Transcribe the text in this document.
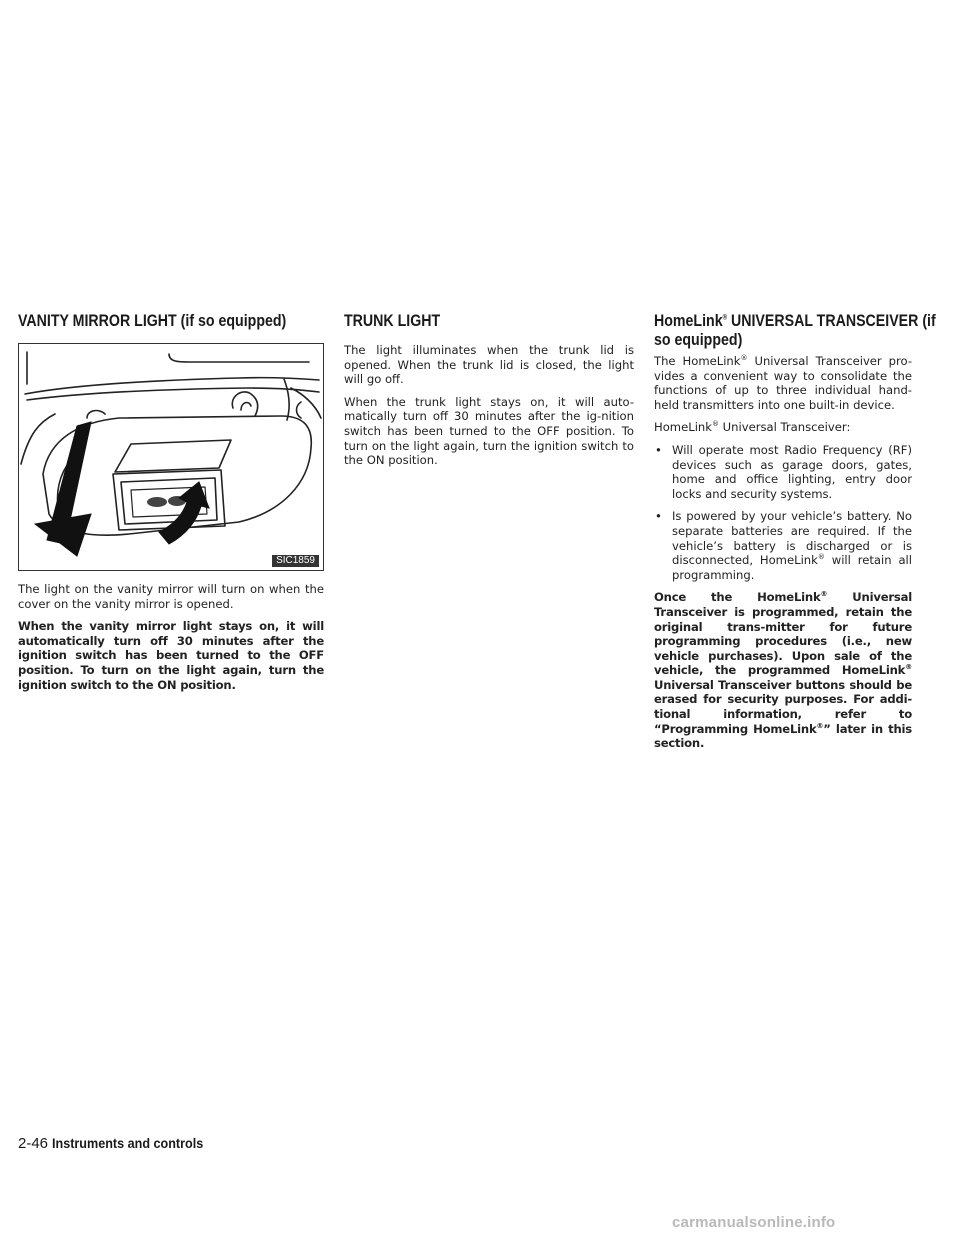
VANITY MIRROR LIGHT (if so equipped)
SIC1859

The light on the vanity mirror will turn on when the cover on the vanity mirror is opened.

When the vanity mirror light stays on, it will automatically turn off 30 minutes after the ignition switch has been turned to the OFF position. To turn on the light again, turn the ignition switch to the ON position.

TRUNK LIGHT

The light illuminates when the trunk lid is opened. When the trunk lid is closed, the light will go off.

When the trunk light stays on, it will auto-matically turn off 30 minutes after the ig-nition switch has been turned to the OFF position. To turn on the light again, turn the ignition switch to the ON position.

HomeLink® UNIVERSAL TRANSCEIVER (if
so equipped)

The HomeLink® Universal Transceiver pro-vides a convenient way to consolidate the functions of up to three individual hand-held transmitters into one built-in device.

HomeLink® Universal Transceiver:

• Will operate most Radio Frequency (RF) devices such as garage doors, gates, home and office lighting, entry door locks and security systems.

• Is powered by your vehicle’s battery. No separate batteries are required. If the vehicle’s battery is discharged or is disconnected, HomeLink® will retain all programming.

Once the HomeLink® Universal Transceiver is programmed, retain the original trans-mitter for future programming procedures (i.e., new vehicle purchases). Upon sale of the vehicle, the programmed HomeLink® Universal Transceiver buttons should be erased for security purposes. For addi-tional information, refer to “Programming HomeLink®” later in this section.

2-46 Instruments and controls
carmanualsonline.info
